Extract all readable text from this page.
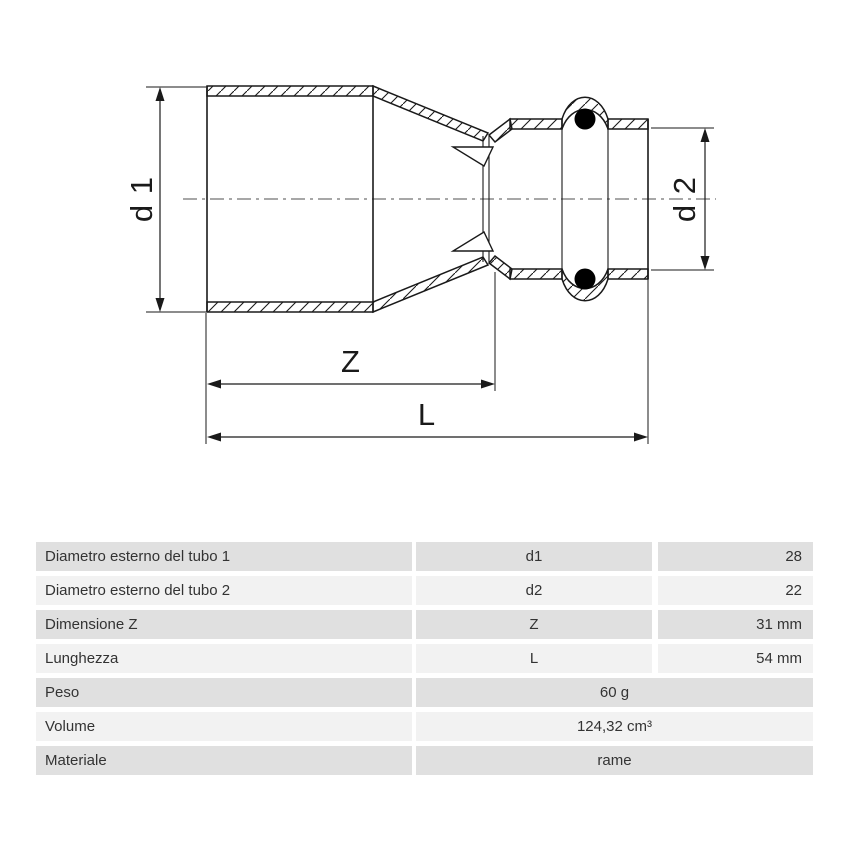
d 1	d 2
Z
L
Diametro esterno del tubo 1	d1	28
Diametro esterno del tubo 2	d2	22
Dimensione Z	Z	31 mm
Lunghezza	L	54 mm
Peso	60 g
Volume	124,32 cm³
Materiale	rame
